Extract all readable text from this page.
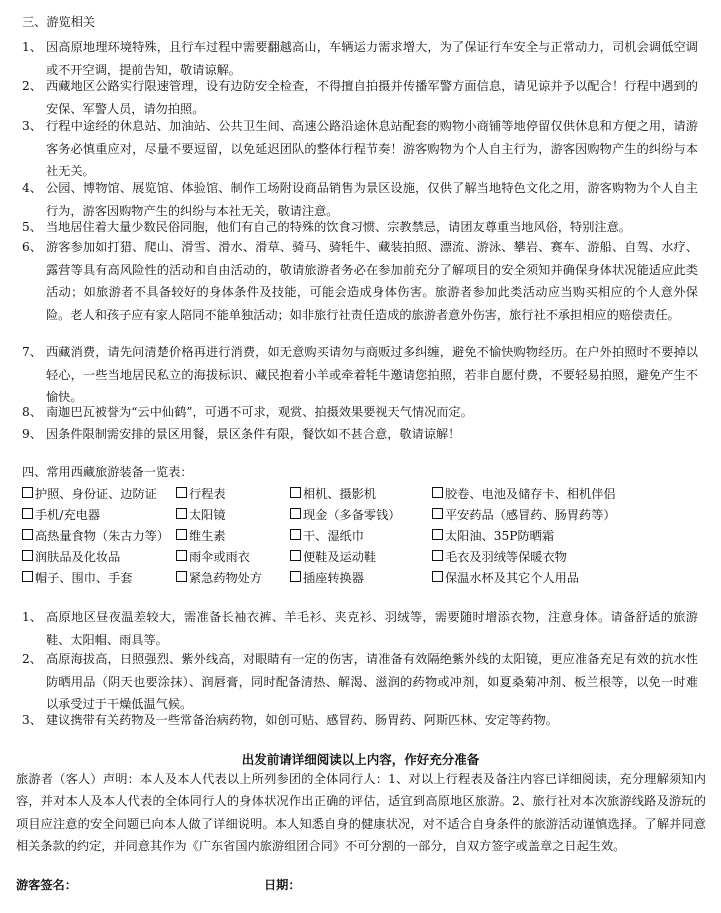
三、游览相关
1、 因高原地理环境特殊，且行车过程中需要翻越高山，车辆运力需求增大，为了保证行车安全与正常动力，司机会调低空调或不开空调，提前告知，敬请谅解。
2、 西藏地区公路实行限速管理，设有边防安全检查，不得擅自拍摄并传播军警方面信息，请见谅并予以配合！行程中遇到的安保、军警人员，请勿拍照。
3、 行程中途经的休息站、加油站、公共卫生间、高速公路沿途休息站配套的购物小商铺等地停留仅供休息和方便之用，请游客务必慎重应对，尽量不要逗留，以免延迟团队的整体行程节奏！游客购物为个人自主行为，游客因购物产生的纠纷与本社无关。
4、 公园、博物馆、展览馆、体验馆、制作工场附设商品销售为景区设施，仅供了解当地特色文化之用，游客购物为个人自主行为，游客因购物产生的纠纷与本社无关，敬请注意。
5、 当地居住着大量少数民俗同胞，他们有自己的特殊的饮食习惯、宗教禁忌，请团友尊重当地风俗，特别注意。
6、 游客参加如打猎、爬山、滑雪、滑水、滑草、骑马、骑牦牛、藏装拍照、漂流、游泳、攀岩、赛车、游船、自驾、水疗、露营等具有高风险性的活动和自由活动的，敬请旅游者务必在参加前充分了解项目的安全须知并确保身体状况能适应此类活动；如旅游者不具备较好的身体条件及技能，可能会造成身体伤害。旅游者参加此类活动应当购买相应的个人意外保险。老人和孩子应有家人陪同不能单独活动；如非旅行社责任造成的旅游者意外伤害，旅行社不承担相应的赔偿责任。
7、 西藏消费，请先问清楚价格再进行消费，如无意购买请勿与商贩过多纠缠，避免不愉快购物经历。在户外拍照时不要掉以轻心，一些当地居民私立的海拔标识、藏民抱着小羊或牵着牦牛邀请您拍照，若非自愿付费，不要轻易拍照，避免产生不愉快。
8、 南迦巴瓦被誉为“云中仙鹤”，可遇不可求，观赏、拍摄效果要视天气情况而定。
9、 因条件限制需安排的景区用餐，景区条件有限，餐饮如不甚合意，敬请谅解！
四、常用西藏旅游装备一览表：
护照、身份证、边防证	行程表	相机、摄影机	胶卷、电池及储存卡、相机伴侣
手机/充电器	太阳镜	现金（多备零钱）	平安药品（感冒药、肠胃药等）
高热量食物（朱古力等）	维生素	干、湿纸巾	太阳油、35P防晒霜
润肤品及化妆品	雨伞或雨衣	便鞋及运动鞋	毛衣及羽绒等保暖衣物
帽子、围巾、手套	紧急药物处方	插座转换器	保温水杯及其它个人用品
1、 高原地区昼夜温差较大，需准备长袖衣裤、羊毛衫、夹克衫、羽绒等，需要随时增添衣物，注意身体。请备舒适的旅游鞋、太阳帽、雨具等。
2、 高原海拔高，日照强烈、紫外线高，对眼睛有一定的伤害，请准备有效隔绝紫外线的太阳镜，更应准备充足有效的抗水性防晒用品（阴天也要涂抹）、润唇膏，同时配备清热、解渴、滋润的药物或冲剂，如夏桑菊冲剂、板兰根等，以免一时难以承受过于干燥低温气候。
3、 建议携带有关药物及一些常备治病药物，如创可贴、感冒药、肠胃药、阿斯匹林、安定等药物。
出发前请详细阅读以上内容，作好充分准备
旅游者（客人）声明：本人及本人代表以上所列参团的全体同行人：1、对以上行程表及备注内容已详细阅读，充分理解须知内容，并对本人及本人代表的全体同行人的身体状况作出正确的评估，适宜到高原地区旅游。2、旅行社对本次旅游线路及游玩的项目应注意的安全问题已向本人做了详细说明。本人知悉自身的健康状况，对不适合自身条件的旅游活动谨慎选择。了解并同意相关条款的约定，并同意其作为《广东省国内旅游组团合同》不可分割的一部分，自双方签字或盖章之日起生效。
游客签名：	日期：
